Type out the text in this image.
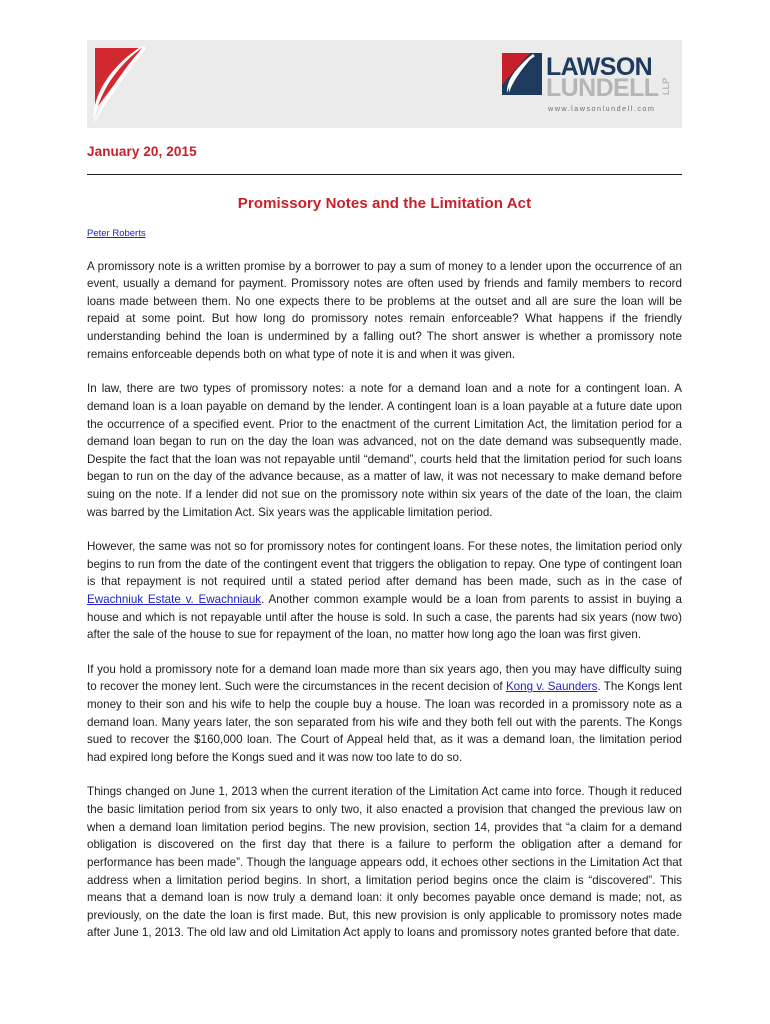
LAWSON
LUNDELL LLP
www.lawsonlundell.com
January 20, 2015
Promissory Notes and the Limitation Act
Peter Roberts

A promissory note is a written promise by a borrower to pay a sum of money to a lender upon the occurrence of an event, usually a demand for payment. Promissory notes are often used by friends and family members to record loans made between them. No one expects there to be problems at the outset and all are sure the loan will be repaid at some point. But how long do promissory notes remain enforceable? What happens if the friendly understanding behind the loan is undermined by a falling out? The short answer is whether a promissory note remains enforceable depends both on what type of note it is and when it was given.

In law, there are two types of promissory notes: a note for a demand loan and a note for a contingent loan. A demand loan is a loan payable on demand by the lender. A contingent loan is a loan payable at a future date upon the occurrence of a specified event. Prior to the enactment of the current Limitation Act, the limitation period for a demand loan began to run on the day the loan was advanced, not on the date demand was subsequently made. Despite the fact that the loan was not repayable until “demand”, courts held that the limitation period for such loans began to run on the day of the advance because, as a matter of law, it was not necessary to make demand before suing on the note. If a lender did not sue on the promissory note within six years of the date of the loan, the claim was barred by the Limitation Act. Six years was the applicable limitation period.

However, the same was not so for promissory notes for contingent loans. For these notes, the limitation period only begins to run from the date of the contingent event that triggers the obligation to repay. One type of contingent loan is that repayment is not required until a stated period after demand has been made, such as in the case of Ewachniuk Estate v. Ewachniauk. Another common example would be a loan from parents to assist in buying a house and which is not repayable until after the house is sold. In such a case, the parents had six years (now two) after the sale of the house to sue for repayment of the loan, no matter how long ago the loan was first given.

If you hold a promissory note for a demand loan made more than six years ago, then you may have difficulty suing to recover the money lent. Such were the circumstances in the recent decision of Kong v. Saunders. The Kongs lent money to their son and his wife to help the couple buy a house. The loan was recorded in a promissory note as a demand loan. Many years later, the son separated from his wife and they both fell out with the parents. The Kongs sued to recover the $160,000 loan. The Court of Appeal held that, as it was a demand loan, the limitation period had expired long before the Kongs sued and it was now too late to do so.

Things changed on June 1, 2013 when the current iteration of the Limitation Act came into force. Though it reduced the basic limitation period from six years to only two, it also enacted a provision that changed the previous law on when a demand loan limitation period begins. The new provision, section 14, provides that “a claim for a demand obligation is discovered on the first day that there is a failure to perform the obligation after a demand for performance has been made”. Though the language appears odd, it echoes other sections in the Limitation Act that address when a limitation period begins. In short, a limitation period begins once the claim is “discovered”. This means that a demand loan is now truly a demand loan: it only becomes payable once demand is made; not, as previously, on the date the loan is first made. But, this new provision is only applicable to promissory notes made after June 1, 2013. The old law and old Limitation Act apply to loans and promissory notes granted before that date.
